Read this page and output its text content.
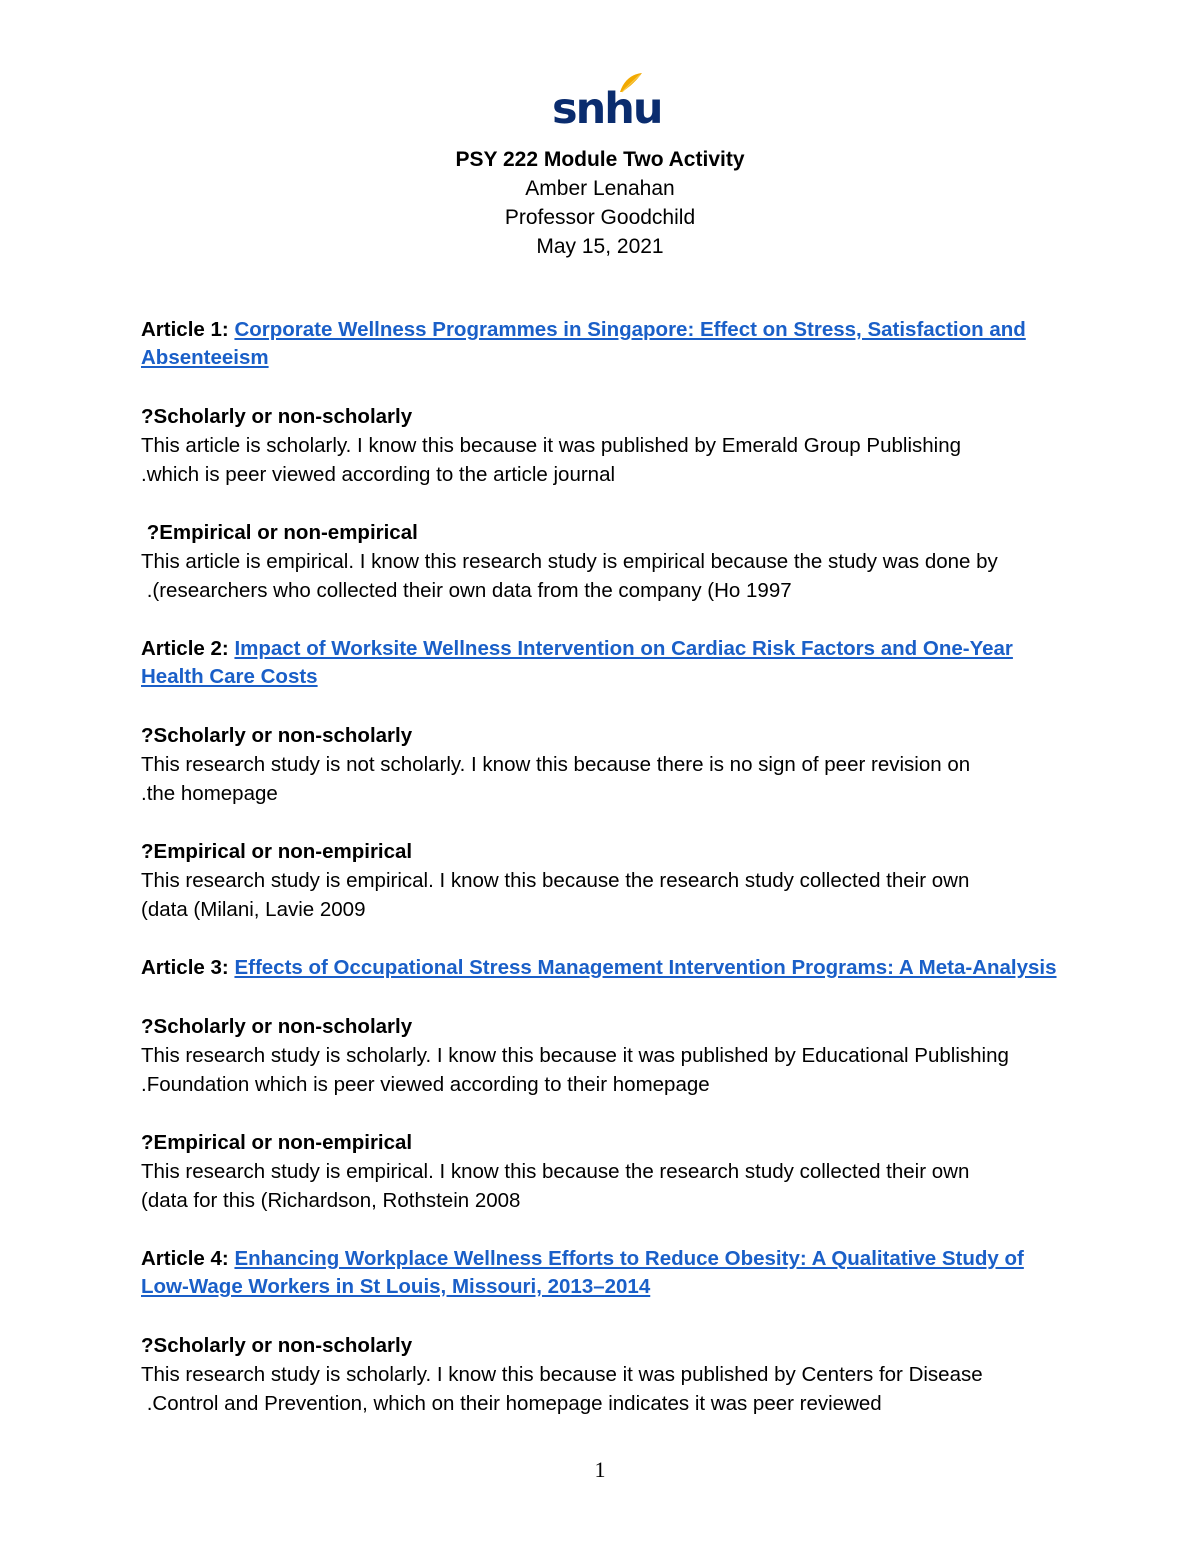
snhu
PSY 222 Module Two Activity
Amber Lenahan
Professor Goodchild
May 15, 2021
Article 1: Corporate Wellness Programmes in Singapore: Effect on Stress, Satisfaction and
Absenteeism
?Scholarly or non-scholarly
This article is scholarly. I know this because it was published by Emerald Group Publishing
.which is peer viewed according to the article journal
?Empirical or non-empirical
This article is empirical. I know this research study is empirical because the study was done by
.(researchers who collected their own data from the company (Ho 1997
Article 2: Impact of Worksite Wellness Intervention on Cardiac Risk Factors and One-Year
Health Care Costs
?Scholarly or non-scholarly
This research study is not scholarly. I know this because there is no sign of peer revision on
.the homepage
?Empirical or non-empirical
This research study is empirical. I know this because the research study collected their own
(data (Milani, Lavie 2009
Article 3: Effects of Occupational Stress Management Intervention Programs: A Meta-Analysis
?Scholarly or non-scholarly
This research study is scholarly. I know this because it was published by Educational Publishing
.Foundation which is peer viewed according to their homepage
?Empirical or non-empirical
This research study is empirical. I know this because the research study collected their own
(data for this (Richardson, Rothstein 2008
Article 4: Enhancing Workplace Wellness Efforts to Reduce Obesity: A Qualitative Study of
Low-Wage Workers in St Louis, Missouri, 2013–2014
?Scholarly or non-scholarly
This research study is scholarly. I know this because it was published by Centers for Disease
.Control and Prevention, which on their homepage indicates it was peer reviewed
1
